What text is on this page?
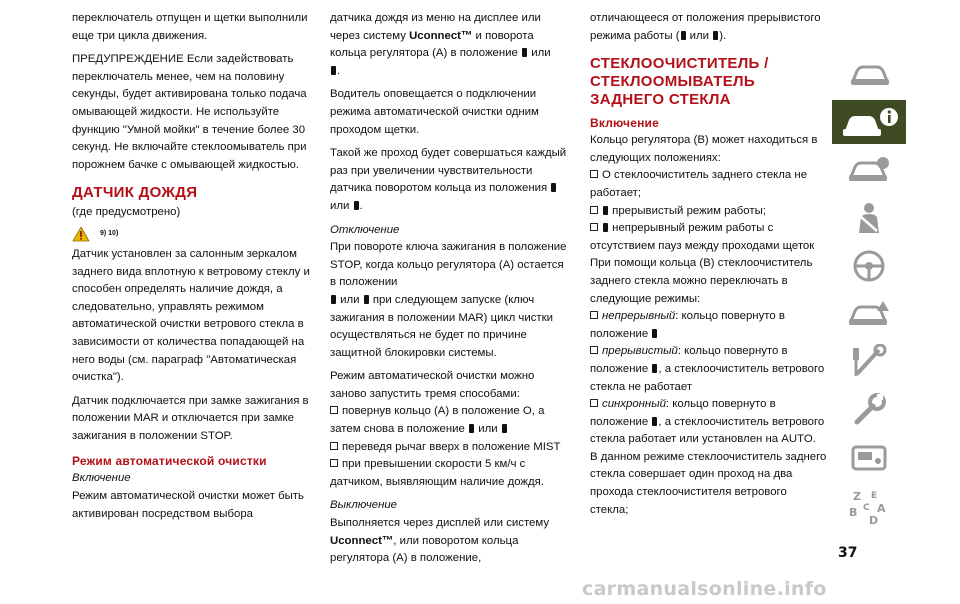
переключатель отпущен и щетки выполнили еще три цикла движения.

ПРЕДУПРЕЖДЕНИЕ Если задействовать переключатель менее, чем на половину секунды, будет активирована только подача омывающей жидкости. Не используйте функцию "Умной мойки" в течение более 30 секунд. Не включайте стеклоомыватель при порожнем бачке с омывающей жидкостью.

ДАТЧИК ДОЖДЯ

(где предусмотрено)

9) 10)

Датчик установлен за салонным зеркалом заднего вида вплотную к ветровому стеклу и способен определять наличие дождя, а следовательно, управлять режимом автоматической очистки ветрового стекла в зависимости от количества попадающей на него воды (см. параграф "Автоматическая очистка").

Датчик подключается при замке зажигания в положении MAR и отключается при замке зажигания в положении STOP.

Режим автоматической очистки

Включение

Режим автоматической очистки может быть активирован посредством выбора

датчика дождя из меню на дисплее или через систему Uconnect™ и поворота кольца регулятора (A) в положение или
.

Водитель оповещается о подключении режима автоматической очистки одним проходом щетки.

Такой же проход будет совершаться каждый раз при увеличении чувствительности датчика поворотом кольца из положения  или .

Отключение

При повороте ключа зажигания в положение STOP, когда кольцо регулятора (A) остается в положении
или при следующем запуске (ключ зажигания в положении MAR) цикл чистки осуществляться не будет по причине защитной блокировки системы.

Режим автоматической очистки можно заново запустить тремя способами:

повернув кольцо (A) в положение O, а затем снова в положение или

переведя рычаг вверх в положение MIST

при превышении скорости 5 км/ч с датчиком, выявляющим наличие дождя.

Выключение

Выполняется через дисплей или систему Uconnect™, или поворотом кольца регулятора (A) в положение,

отличающееся от положения прерывистого режима работы ( или ).

СТЕКЛООЧИСТИТЕЛЬ / СТЕКЛООМЫВАТЕЛЬ ЗАДНЕГО СТЕКЛА
Включение

Кольцо регулятора (B) может находиться в следующих положениях:

O стеклоочиститель заднего стекла не работает;

прерывистый режим работы;

непрерывный режим работы с отсутствием пауз между проходами щеток

При помощи кольца (B) стеклоочиститель заднего стекла можно переключать в следующие режимы:

непрерывный: кольцо повернуто в положение

прерывистый: кольцо повернуто в положение , а стеклоочиститель ветрового стекла не работает

синхронный: кольцо повернуто в положение , а стеклоочиститель ветрового стекла работает или установлен на AUTO.

В данном режиме стеклоочиститель заднего стекла совершает один проход на два прохода стеклоочистителя ветрового стекла;

Z E
B C A
D
37
carmanualsonline.info
